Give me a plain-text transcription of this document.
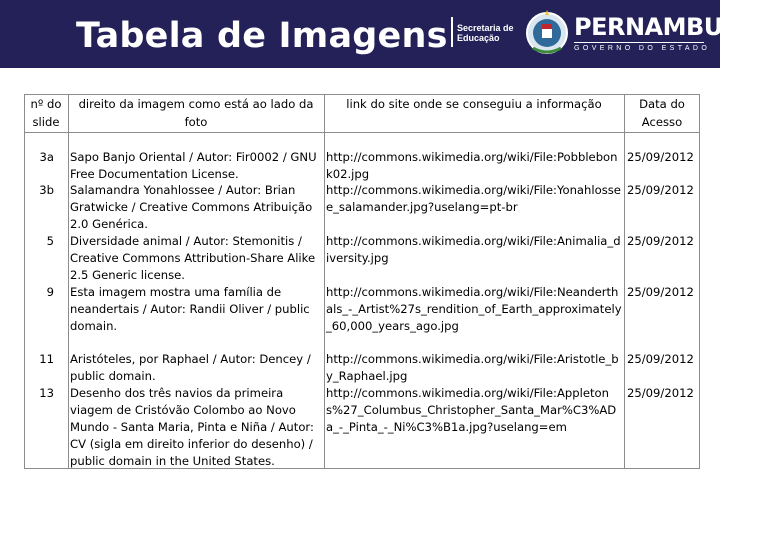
Tabela de Imagens Secretaria de
Educação	PERNAMBUCO
GOVERNO DO ESTADO
nº do slide
direito da imagem como está ao lado da foto
link do site onde se conseguiu a informação	Data do Acesso
3a Sapo Banjo Oriental / Autor: Fir0002 / GNU Free Documentation License.
http://commons.wikimedia.org/wiki/File:Pobblebonk02.jpg
25/09/2012
3b Salamandra Yonahlossee / Autor: Brian Gratwicke / Creative Commons Atribuição 2.0 Genérica.
http://commons.wikimedia.org/wiki/File:Yonahlossee_salamander.jpg?uselang=pt-br
25/09/2012
5 Diversidade animal / Autor: Stemonitis / Creative Commons Attribution-Share Alike 2.5 Generic license.
http://commons.wikimedia.org/wiki/File:Animalia_diversity.jpg
25/09/2012
9 Esta imagem mostra uma família de neandertais / Autor: Randii Oliver / public domain.
http://commons.wikimedia.org/wiki/File:Neanderthals_-_Artist%27s_rendition_of_Earth_approximately_60,000_years_ago.jpg
25/09/2012
11 Aristóteles, por Raphael / Autor: Dencey / public domain.
http://commons.wikimedia.org/wiki/File:Aristotle_by_Raphael.jpg
25/09/2012
13 Desenho dos três navios da primeira viagem de Cristóvão Colombo ao Novo Mundo - Santa Maria, Pinta e Niña / Autor: CV (sigla em direito inferior do desenho) / public domain in the United States.
http://commons.wikimedia.org/wiki/File:Appletons%27_Columbus_Christopher_Santa_Mar%C3%ADa_-_Pinta_-_Ni%C3%B1a.jpg?uselang=em
25/09/2012
